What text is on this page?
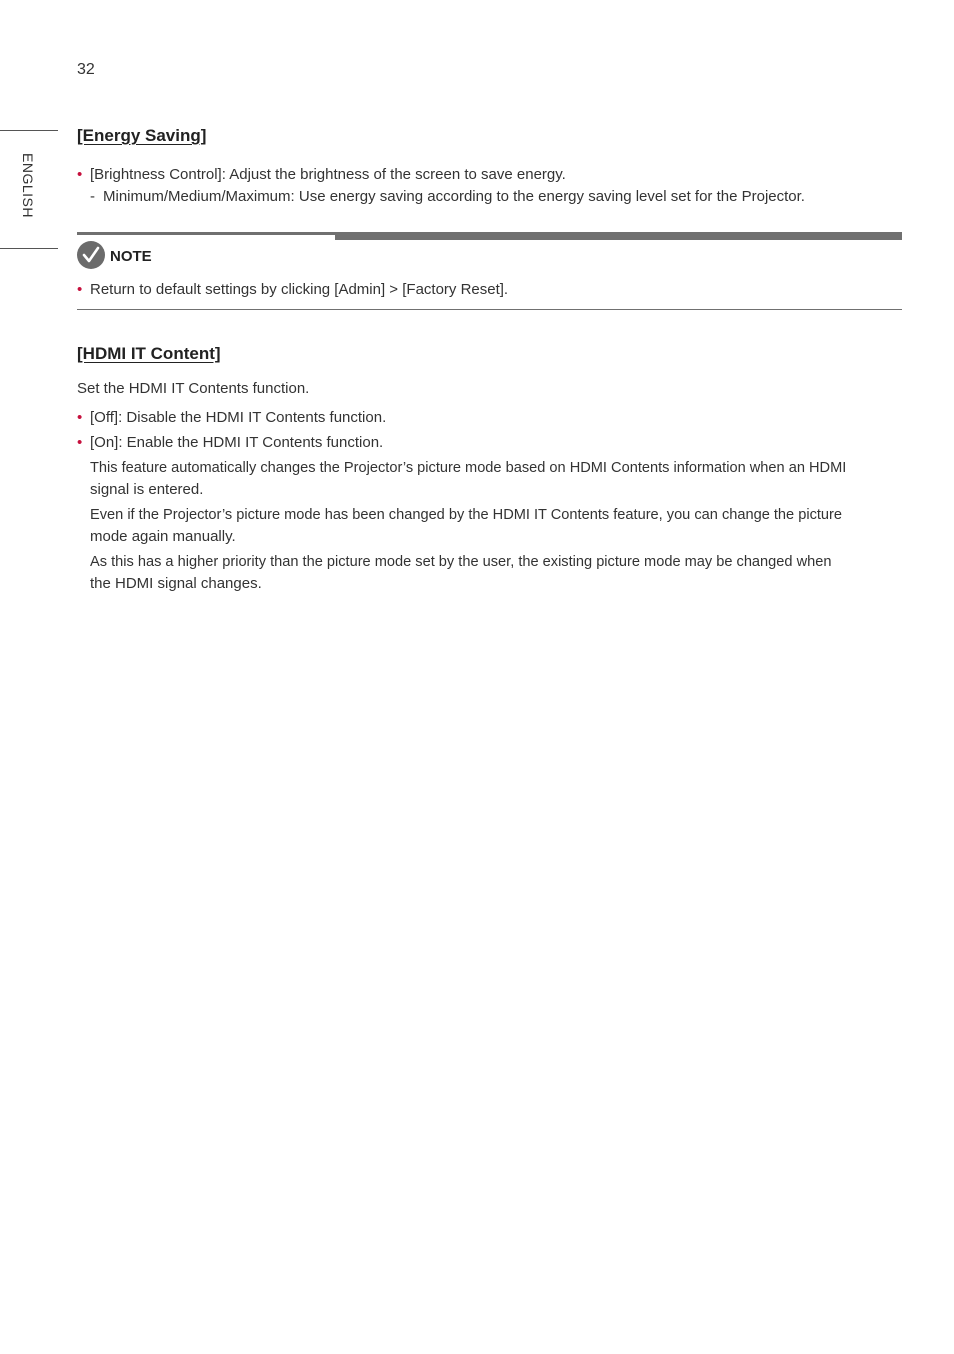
32
ENGLISH
[Energy Saving]
• [Brightness Control]: Adjust the brightness of the screen to save energy.
- Minimum/Medium/Maximum: Use energy saving according to the energy saving level set for the Projector.
NOTE
• Return to default settings by clicking [Admin] > [Factory Reset].
[HDMI IT Content]
Set the HDMI IT Contents function.
• [Off]: Disable the HDMI IT Contents function.
• [On]: Enable the HDMI IT Contents function.
This feature automatically changes the Projector’s picture mode based on HDMI Contents information when an HDMI
signal is entered.
Even if the Projector’s picture mode has been changed by the HDMI IT Contents feature, you can change the picture
mode again manually.
As this has a higher priority than the picture mode set by the user, the existing picture mode may be changed when
the HDMI signal changes.
